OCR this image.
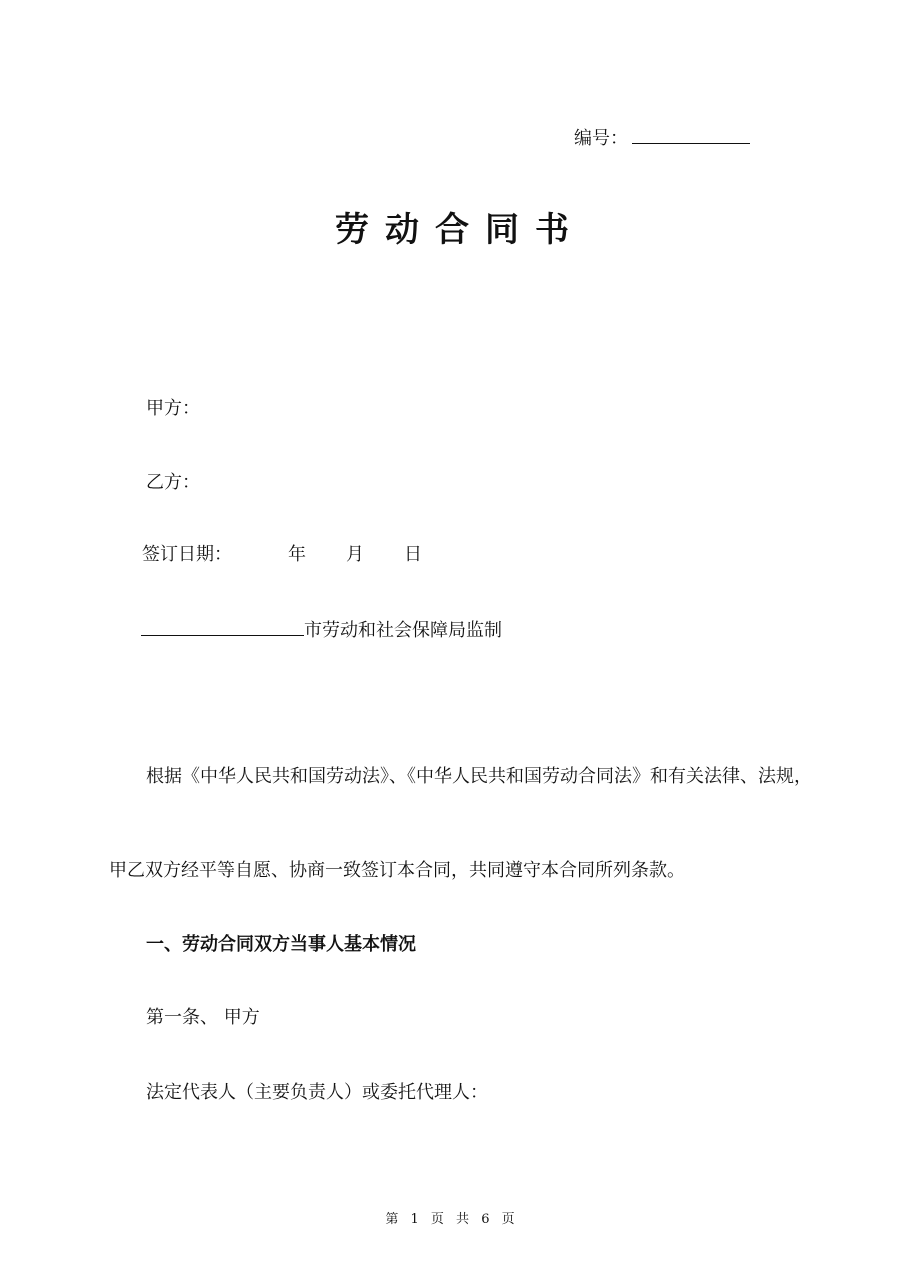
编号：
劳动合同书
甲方：
乙方：
签订日期：	年 月 日
市劳动和社会保障局监制
根据《中华人民共和国劳动法》、《中华人民共和国劳动合同法》和有关法律、法规，
甲乙双方经平等自愿、协商一致签订本合同，共同遵守本合同所列条款。
一、劳动合同双方当事人基本情况
第一条、 甲方
法定代表人（主要负责人）或委托代理人：
第 1 页 共 6 页
